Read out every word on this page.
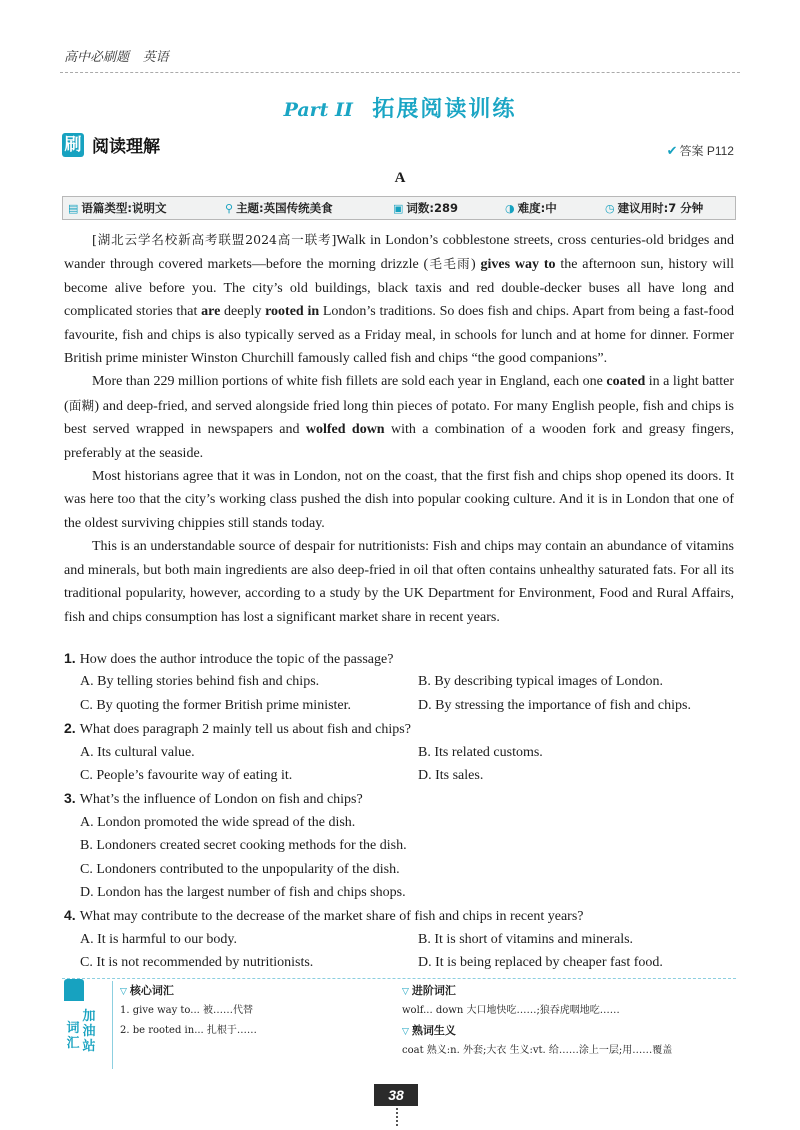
高中必刷题 英语
Part II 拓展阅读训练
刷 阅读理解	✔ 答案 P112
A
▤ 语篇类型:说明文	⚲ 主题:英国传统美食	▣ 词数:289	◑ 难度:中	◷ 建议用时:7 分钟

[湖北云学名校新高考联盟2024高一联考]Walk in London’s cobblestone streets, cross centuries-old bridges and wander through covered markets—before the morning drizzle (毛毛雨) gives way to the afternoon sun, history will become alive before you. The city’s old buildings, black taxis and red double-decker buses all have long and complicated stories that are deeply rooted in London’s traditions. So does fish and chips. Apart from being a fast-food favourite, fish and chips is also typically served as a Friday meal, in schools for lunch and at home for dinner. Former British prime minister Winston Churchill famously called fish and chips “the good companions”.

More than 229 million portions of white fish fillets are sold each year in England, each one coated in a light batter (面糊) and deep-fried, and served alongside fried long thin pieces of potato. For many English people, fish and chips is best served wrapped in newspapers and wolfed down with a combination of a wooden fork and greasy fingers, preferably at the seaside.

Most historians agree that it was in London, not on the coast, that the first fish and chips shop opened its doors. It was here too that the city’s working class pushed the dish into popular cooking culture. And it is in London that one of the oldest surviving chippies still stands today.

This is an understandable source of despair for nutritionists: Fish and chips may contain an abundance of vitamins and minerals, but both main ingredients are also deep-fried in oil that often contains unhealthy saturated fats. For all its traditional popularity, however, according to a study by the UK Department for Environment, Food and Rural Affairs, fish and chips consumption has lost a significant market share in recent years.

1. How does the author introduce the topic of the passage?
A. By telling stories behind fish and chips.	B. By describing typical images of London.
C. By quoting the former British prime minister.	D. By stressing the importance of fish and chips.
2. What does paragraph 2 mainly tell us about fish and chips?
A. Its cultural value.	B. Its related customs.
C. People’s favourite way of eating it.	D. Its sales.
3. What’s the influence of London on fish and chips?
A. London promoted the wide spread of the dish.
B. Londoners created secret cooking methods for the dish.
C. Londoners contributed to the unpopularity of the dish.
D. London has the largest number of fish and chips shops.
4. What may contribute to the decrease of the market share of fish and chips in recent years?
A. It is harmful to our body.	B. It is short of vitamins and minerals.
C. It is not recommended by nutritionists.	D. It is being replaced by cheaper fast food.
词汇
加油站
▽ 核心词汇
1. give way to... 被……代替
2. be rooted in... 扎根于……
▽ 进阶词汇
wolf... down 大口地快吃……;狼吞虎咽地吃……
▽ 熟词生义
coat 熟义:n. 外套;大衣 生义:vt. 给……涂上一层;用……覆盖
38
